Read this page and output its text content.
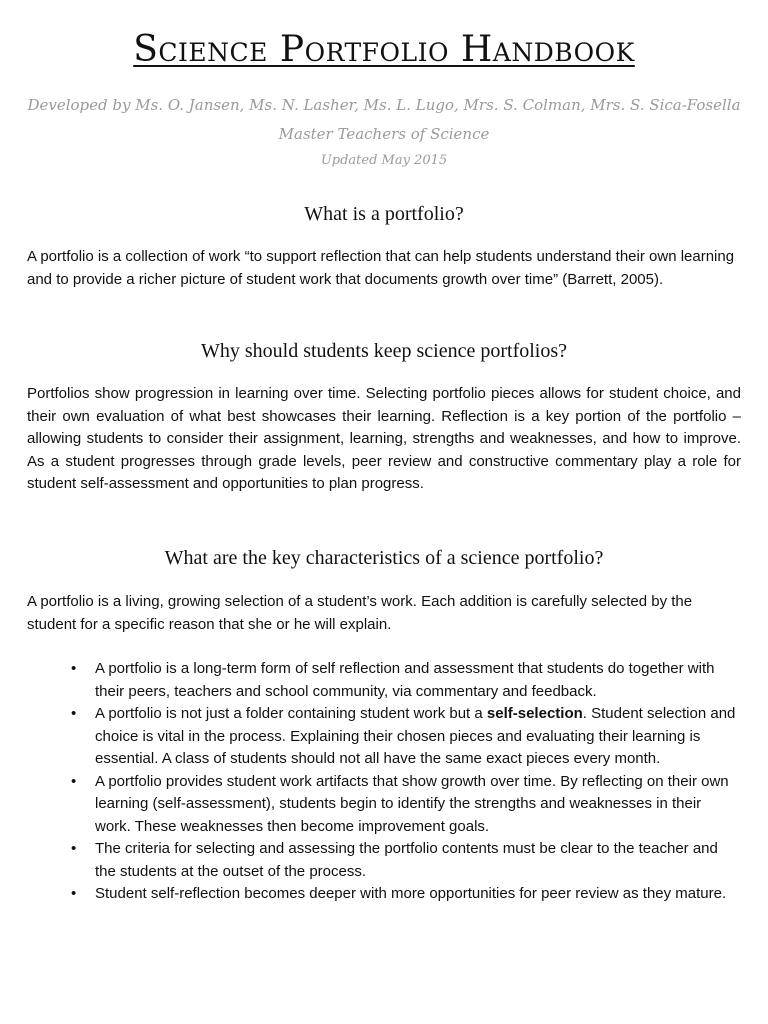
Science Portfolio Handbook
Developed by Ms. O. Jansen, Ms. N. Lasher, Ms. L. Lugo, Mrs. S. Colman, Mrs. S. Sica-Fosella
Master Teachers of Science
Updated May 2015
What is a portfolio?
A portfolio is a collection of work “to support reflection that can help students understand their own learning and to provide a richer picture of student work that documents growth over time” (Barrett, 2005).
Why should students keep science portfolios?
Portfolios show progression in learning over time. Selecting portfolio pieces allows for student choice, and their own evaluation of what best showcases their learning. Reflection is a key portion of the portfolio – allowing students to consider their assignment, learning, strengths and weaknesses, and how to improve. As a student progresses through grade levels, peer review and constructive commentary play a role for student self-assessment and opportunities to plan progress.
What are the key characteristics of a science portfolio?
A portfolio is a living, growing selection of a student’s work. Each addition is carefully selected by the student for a specific reason that she or he will explain.
• A portfolio is a long-term form of self reflection and assessment that students do together with their peers, teachers and school community, via commentary and feedback.
• A portfolio is not just a folder containing student work but a self-selection. Student selection and choice is vital in the process. Explaining their chosen pieces and evaluating their learning is essential. A class of students should not all have the same exact pieces every month.
• A portfolio provides student work artifacts that show growth over time. By reflecting on their own learning (self-assessment), students begin to identify the strengths and weaknesses in their work. These weaknesses then become improvement goals.
• The criteria for selecting and assessing the portfolio contents must be clear to the teacher and the students at the outset of the process.
• Student self-reflection becomes deeper with more opportunities for peer review as they mature.
